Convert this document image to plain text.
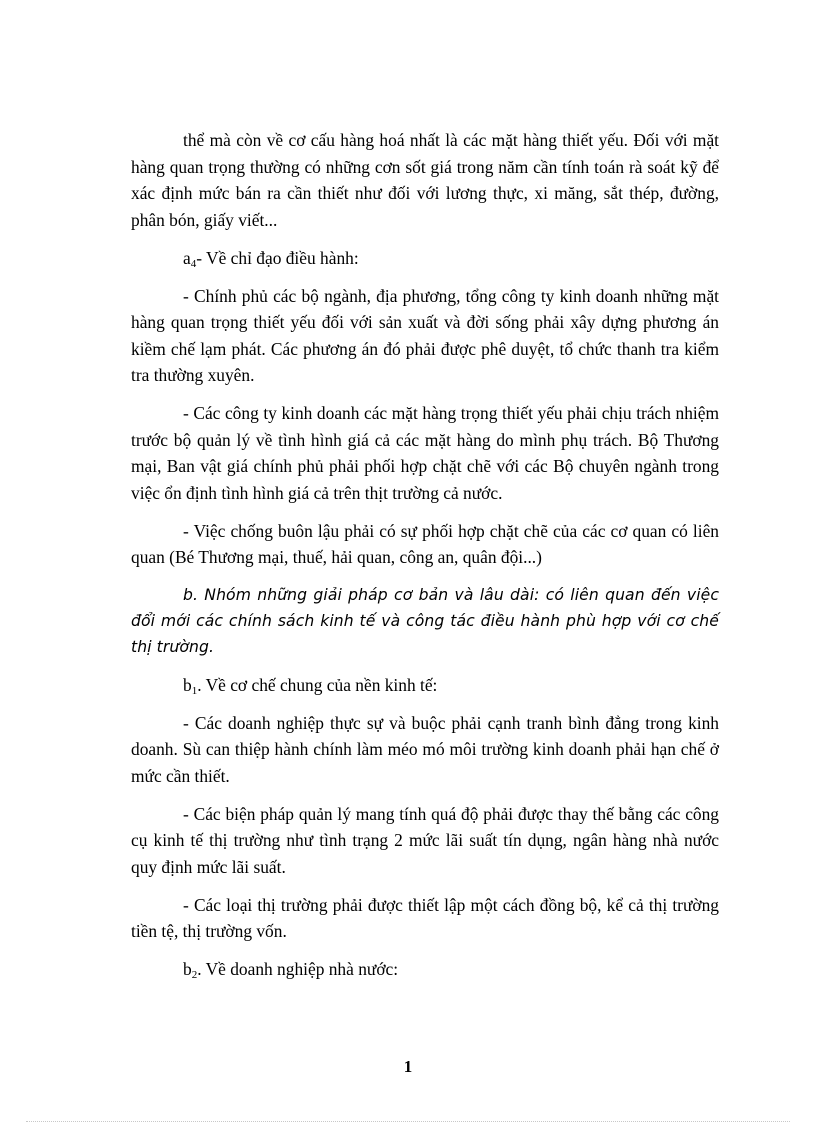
thể mà còn về cơ cấu hàng hoá nhất là các mặt hàng thiết yếu. Đối với mặt hàng quan trọng thường có những cơn sốt giá trong năm cần tính toán rà soát kỹ để xác định mức bán ra cần thiết như đối với lương thực, xi măng, sắt thép, đường, phân bón, giấy viết...

$a_4-$ Về chỉ đạo điều hành:

- Chính phủ các bộ ngành, địa phương, tổng công ty kinh doanh những mặt hàng quan trọng thiết yếu đối với sản xuất và đời sống phải xây dựng phương án kiềm chế lạm phát. Các phương án đó phải được phê duyệt, tổ chức thanh tra kiểm tra thường xuyên.

- Các công ty kinh doanh các mặt hàng trọng thiết yếu phải chịu trách nhiệm trước bộ quản lý về tình hình giá cả các mặt hàng do mình phụ trách. Bộ Thương mại, Ban vật giá chính phủ phải phối hợp chặt chẽ với các Bộ chuyên ngành trong việc ổn định tình hình giá cả trên thịt trường cả nước.

- Việc chống buôn lậu phải có sự phối hợp chặt chẽ của các cơ quan có liên quan (Bé Thương mại, thuế, hải quan, công an, quân đội...)

b. Nhóm những giải pháp cơ bản và lâu dài: có liên quan đến việc đổi mới các chính sách kinh tế và công tác điều hành phù hợp với cơ chế thị trường.

$b_1$. Về cơ chế chung của nền kinh tế:

- Các doanh nghiệp thực sự và buộc phải cạnh tranh bình đẳng trong kinh doanh. Sù can thiệp hành chính làm méo mó môi trường kinh doanh phải hạn chế ở mức cần thiết.

- Các biện pháp quản lý mang tính quá độ phải được thay thế bằng các công cụ kinh tế thị trường như tình trạng 2 mức lãi suất tín dụng, ngân hàng nhà nước quy định mức lãi suất.

- Các loại thị trường phải được thiết lập một cách đồng bộ, kể cả thị trường tiền tệ, thị trường vốn.

$b_2$. Về doanh nghiệp nhà nước:

1
